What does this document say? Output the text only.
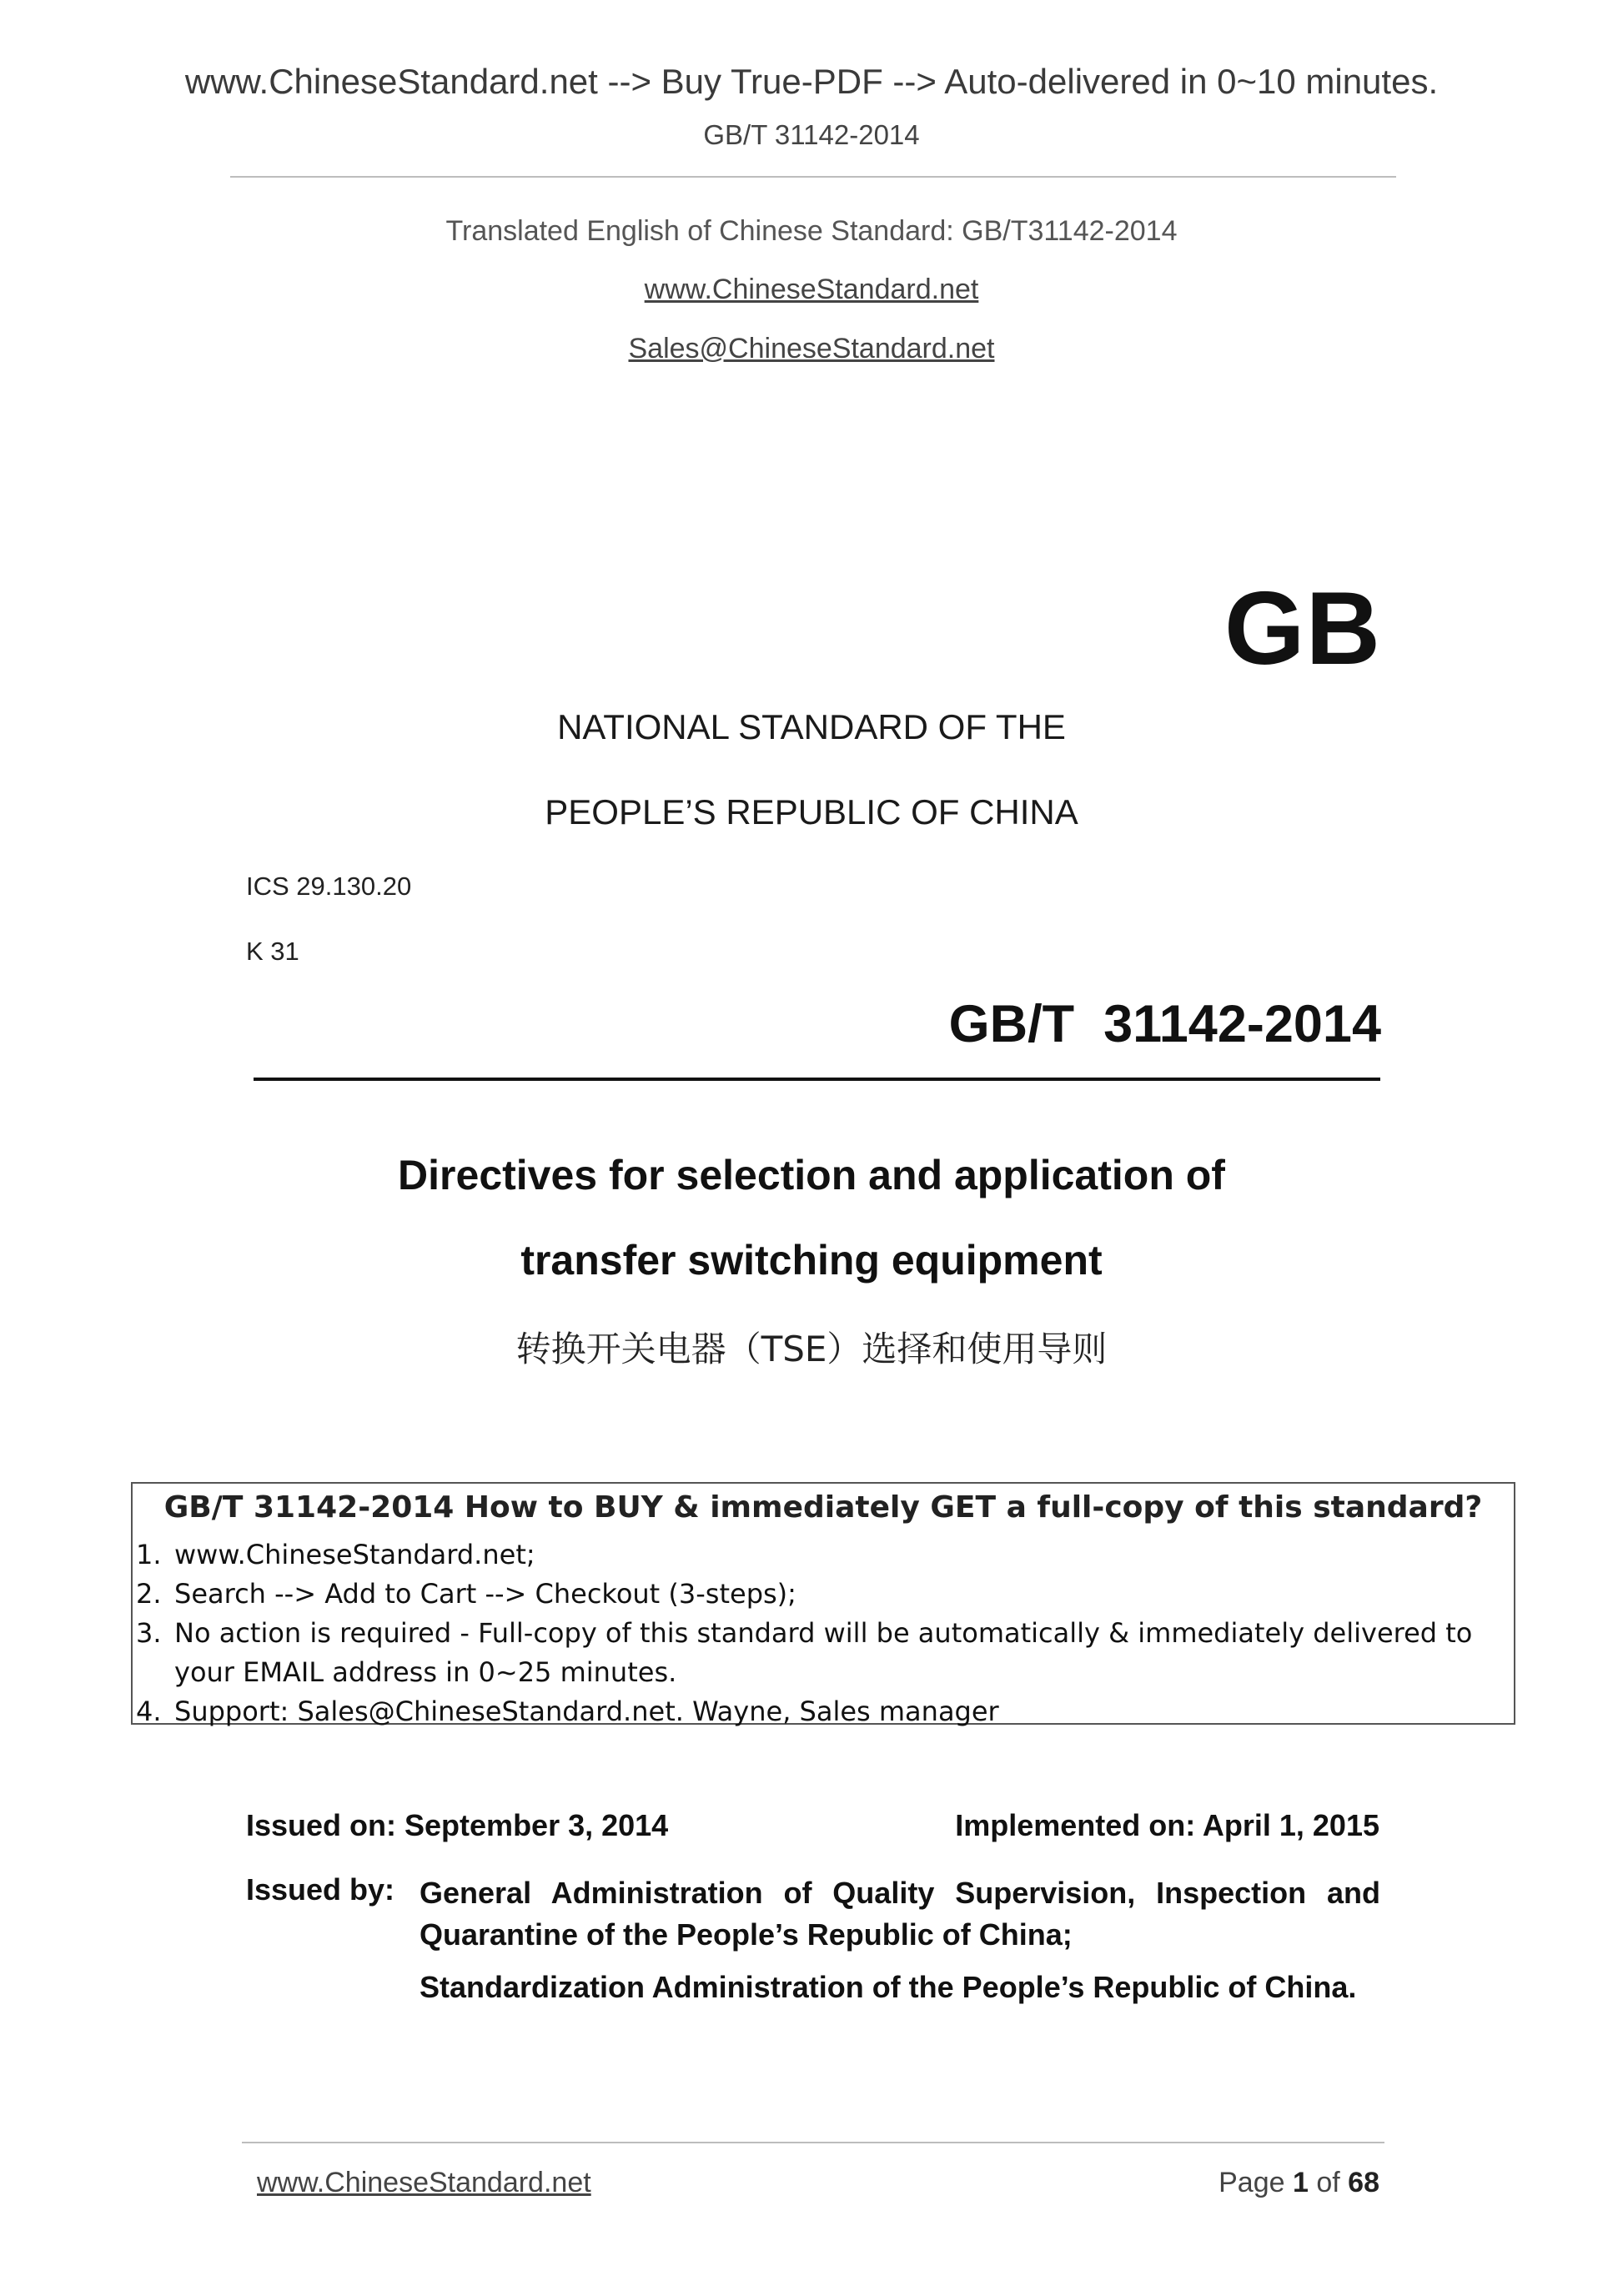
www.ChineseStandard.net --> Buy True-PDF --> Auto-delivered in 0~10 minutes.
GB/T 31142-2014
Translated English of Chinese Standard: GB/T31142-2014
www.ChineseStandard.net
Sales@ChineseStandard.net
GB
NATIONAL STANDARD OF THE
PEOPLE’S REPUBLIC OF CHINA
ICS 29.130.20
K 31
GB/T  31142-2014
Directives for selection and application of
transfer switching equipment
转换开关电器（TSE）选择和使用导则
GB/T 31142-2014 How to BUY & immediately GET a full-copy of this standard?
1. www.ChineseStandard.net;
2. Search --> Add to Cart --> Checkout (3-steps);
3. No action is required - Full-copy of this standard will be automatically & immediately delivered to your EMAIL address in 0~25 minutes.
4. Support: Sales@ChineseStandard.net. Wayne, Sales manager
Issued on: September 3, 2014	Implemented on: April 1, 2015
Issued by: General Administration of Quality Supervision, Inspection and Quarantine of the People’s Republic of China;
Standardization Administration of the People’s Republic of China.
www.ChineseStandard.net	Page 1 of 68
